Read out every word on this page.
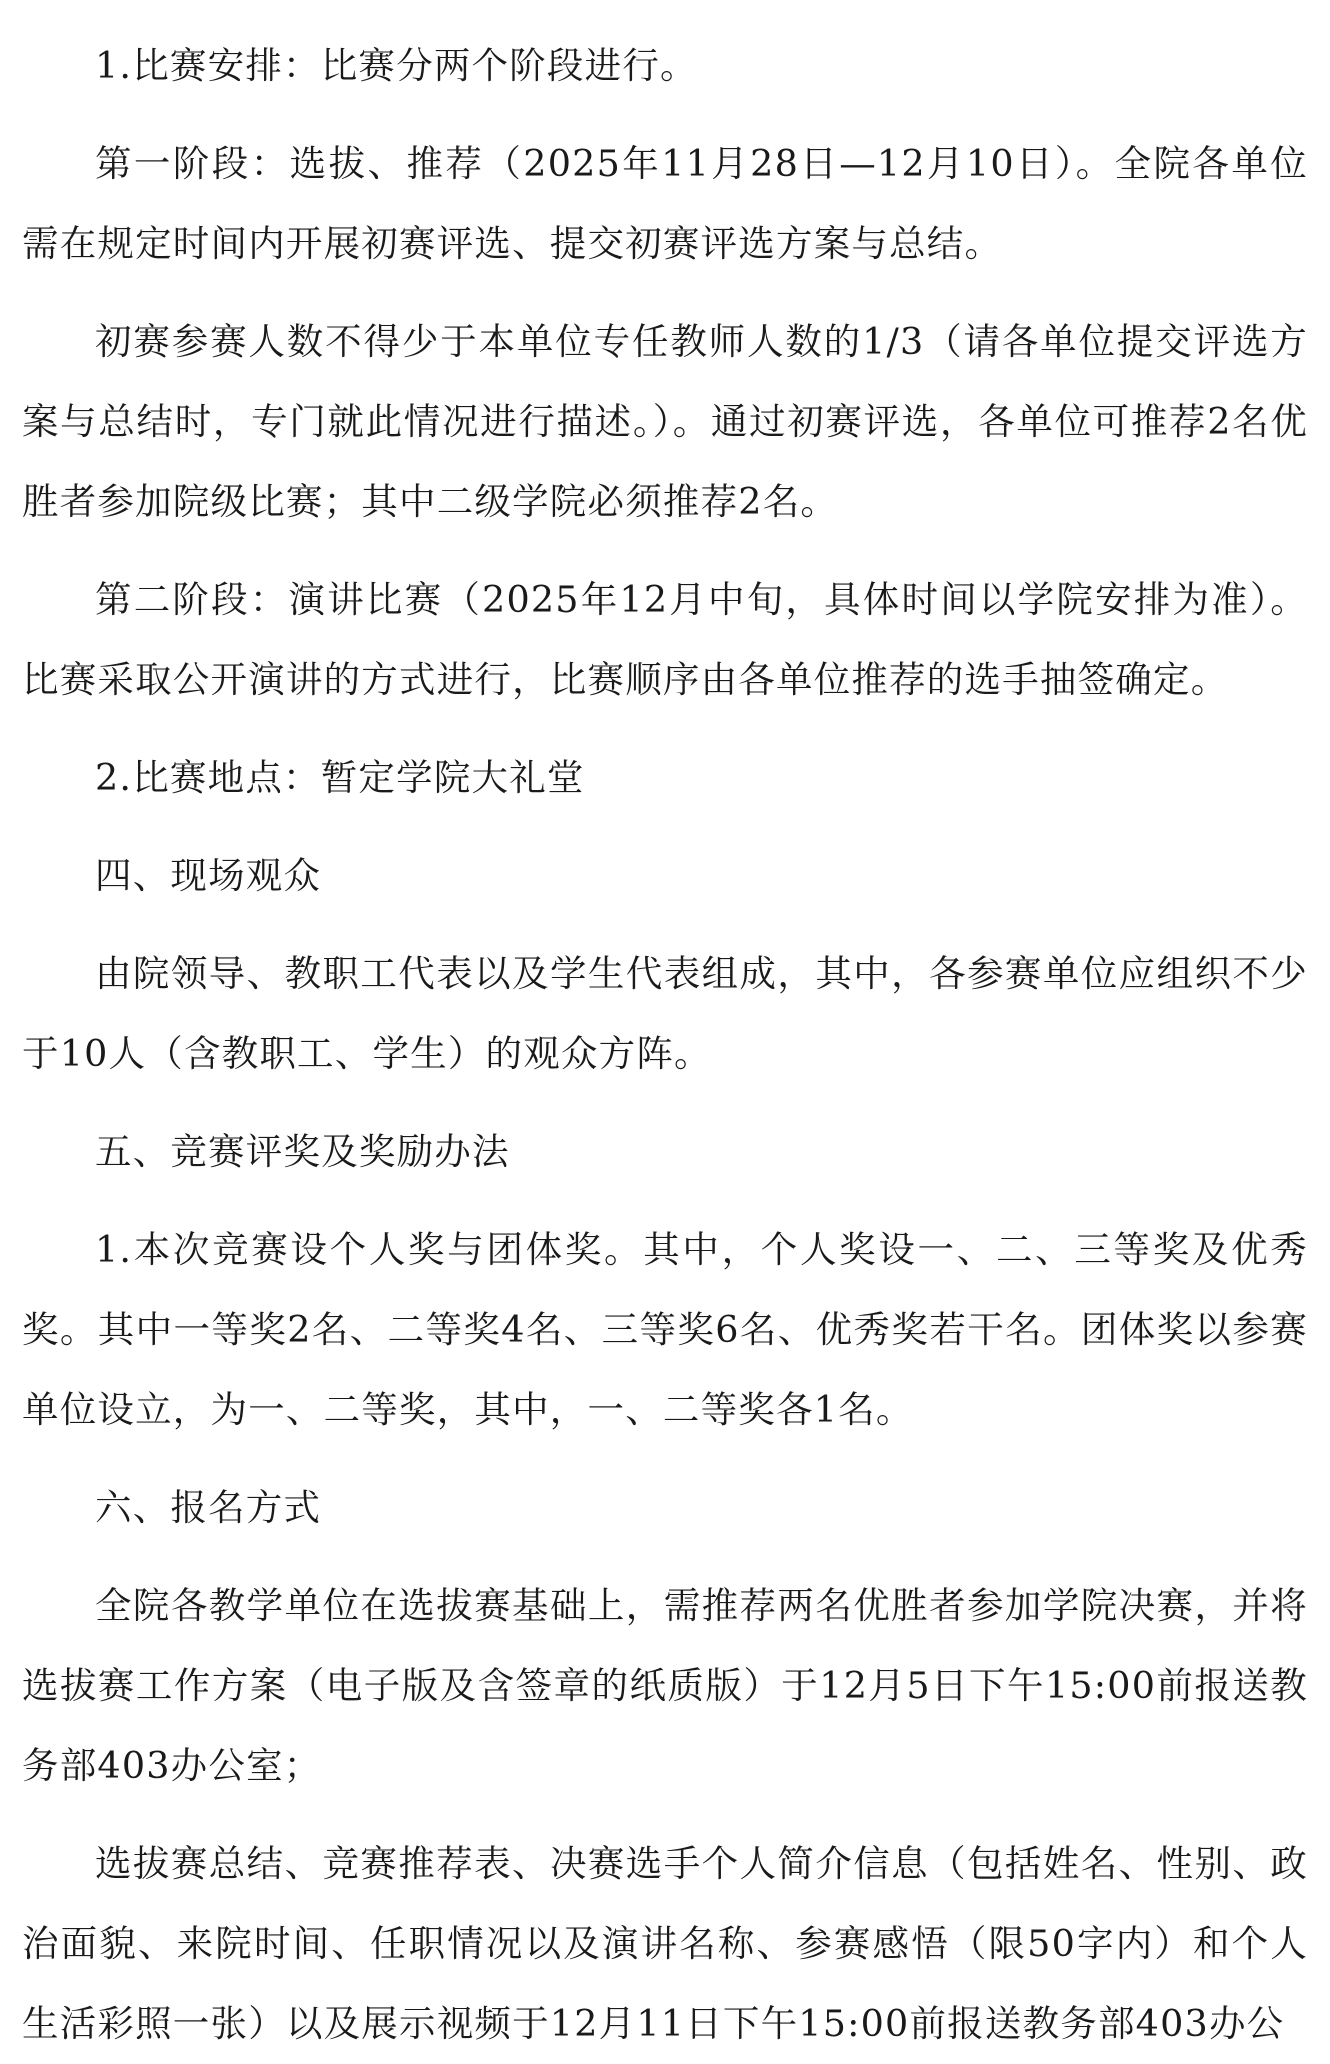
1.比赛安排：比赛分两个阶段进行。

第一阶段：选拔、推荐（2025年11月28日—12月10日）。全院各单位需在规定时间内开展初赛评选、提交初赛评选方案与总结。

初赛参赛人数不得少于本单位专任教师人数的1/3（请各单位提交评选方案与总结时，专门就此情况进行描述。）。通过初赛评选，各单位可推荐2名优胜者参加院级比赛；其中二级学院必须推荐2名。

第二阶段：演讲比赛（2025年12月中旬，具体时间以学院安排为准）。比赛采取公开演讲的方式进行，比赛顺序由各单位推荐的选手抽签确定。

2.比赛地点：暂定学院大礼堂

四、现场观众

由院领导、教职工代表以及学生代表组成，其中，各参赛单位应组织不少于10人（含教职工、学生）的观众方阵。

五、竞赛评奖及奖励办法

1.本次竞赛设个人奖与团体奖。其中，个人奖设一、二、三等奖及优秀奖。其中一等奖2名、二等奖4名、三等奖6名、优秀奖若干名。团体奖以参赛单位设立，为一、二等奖，其中，一、二等奖各1名。

六、报名方式

全院各教学单位在选拔赛基础上，需推荐两名优胜者参加学院决赛，并将选拔赛工作方案（电子版及含签章的纸质版）于12月5日下午15:00前报送教务部403办公室；

选拔赛总结、竞赛推荐表、决赛选手个人简介信息（包括姓名、性别、政治面貌、来院时间、任职情况以及演讲名称、参赛感悟（限50字内）和个人生活彩照一张）以及展示视频于12月11日下午15:00前报送教务部403办公
